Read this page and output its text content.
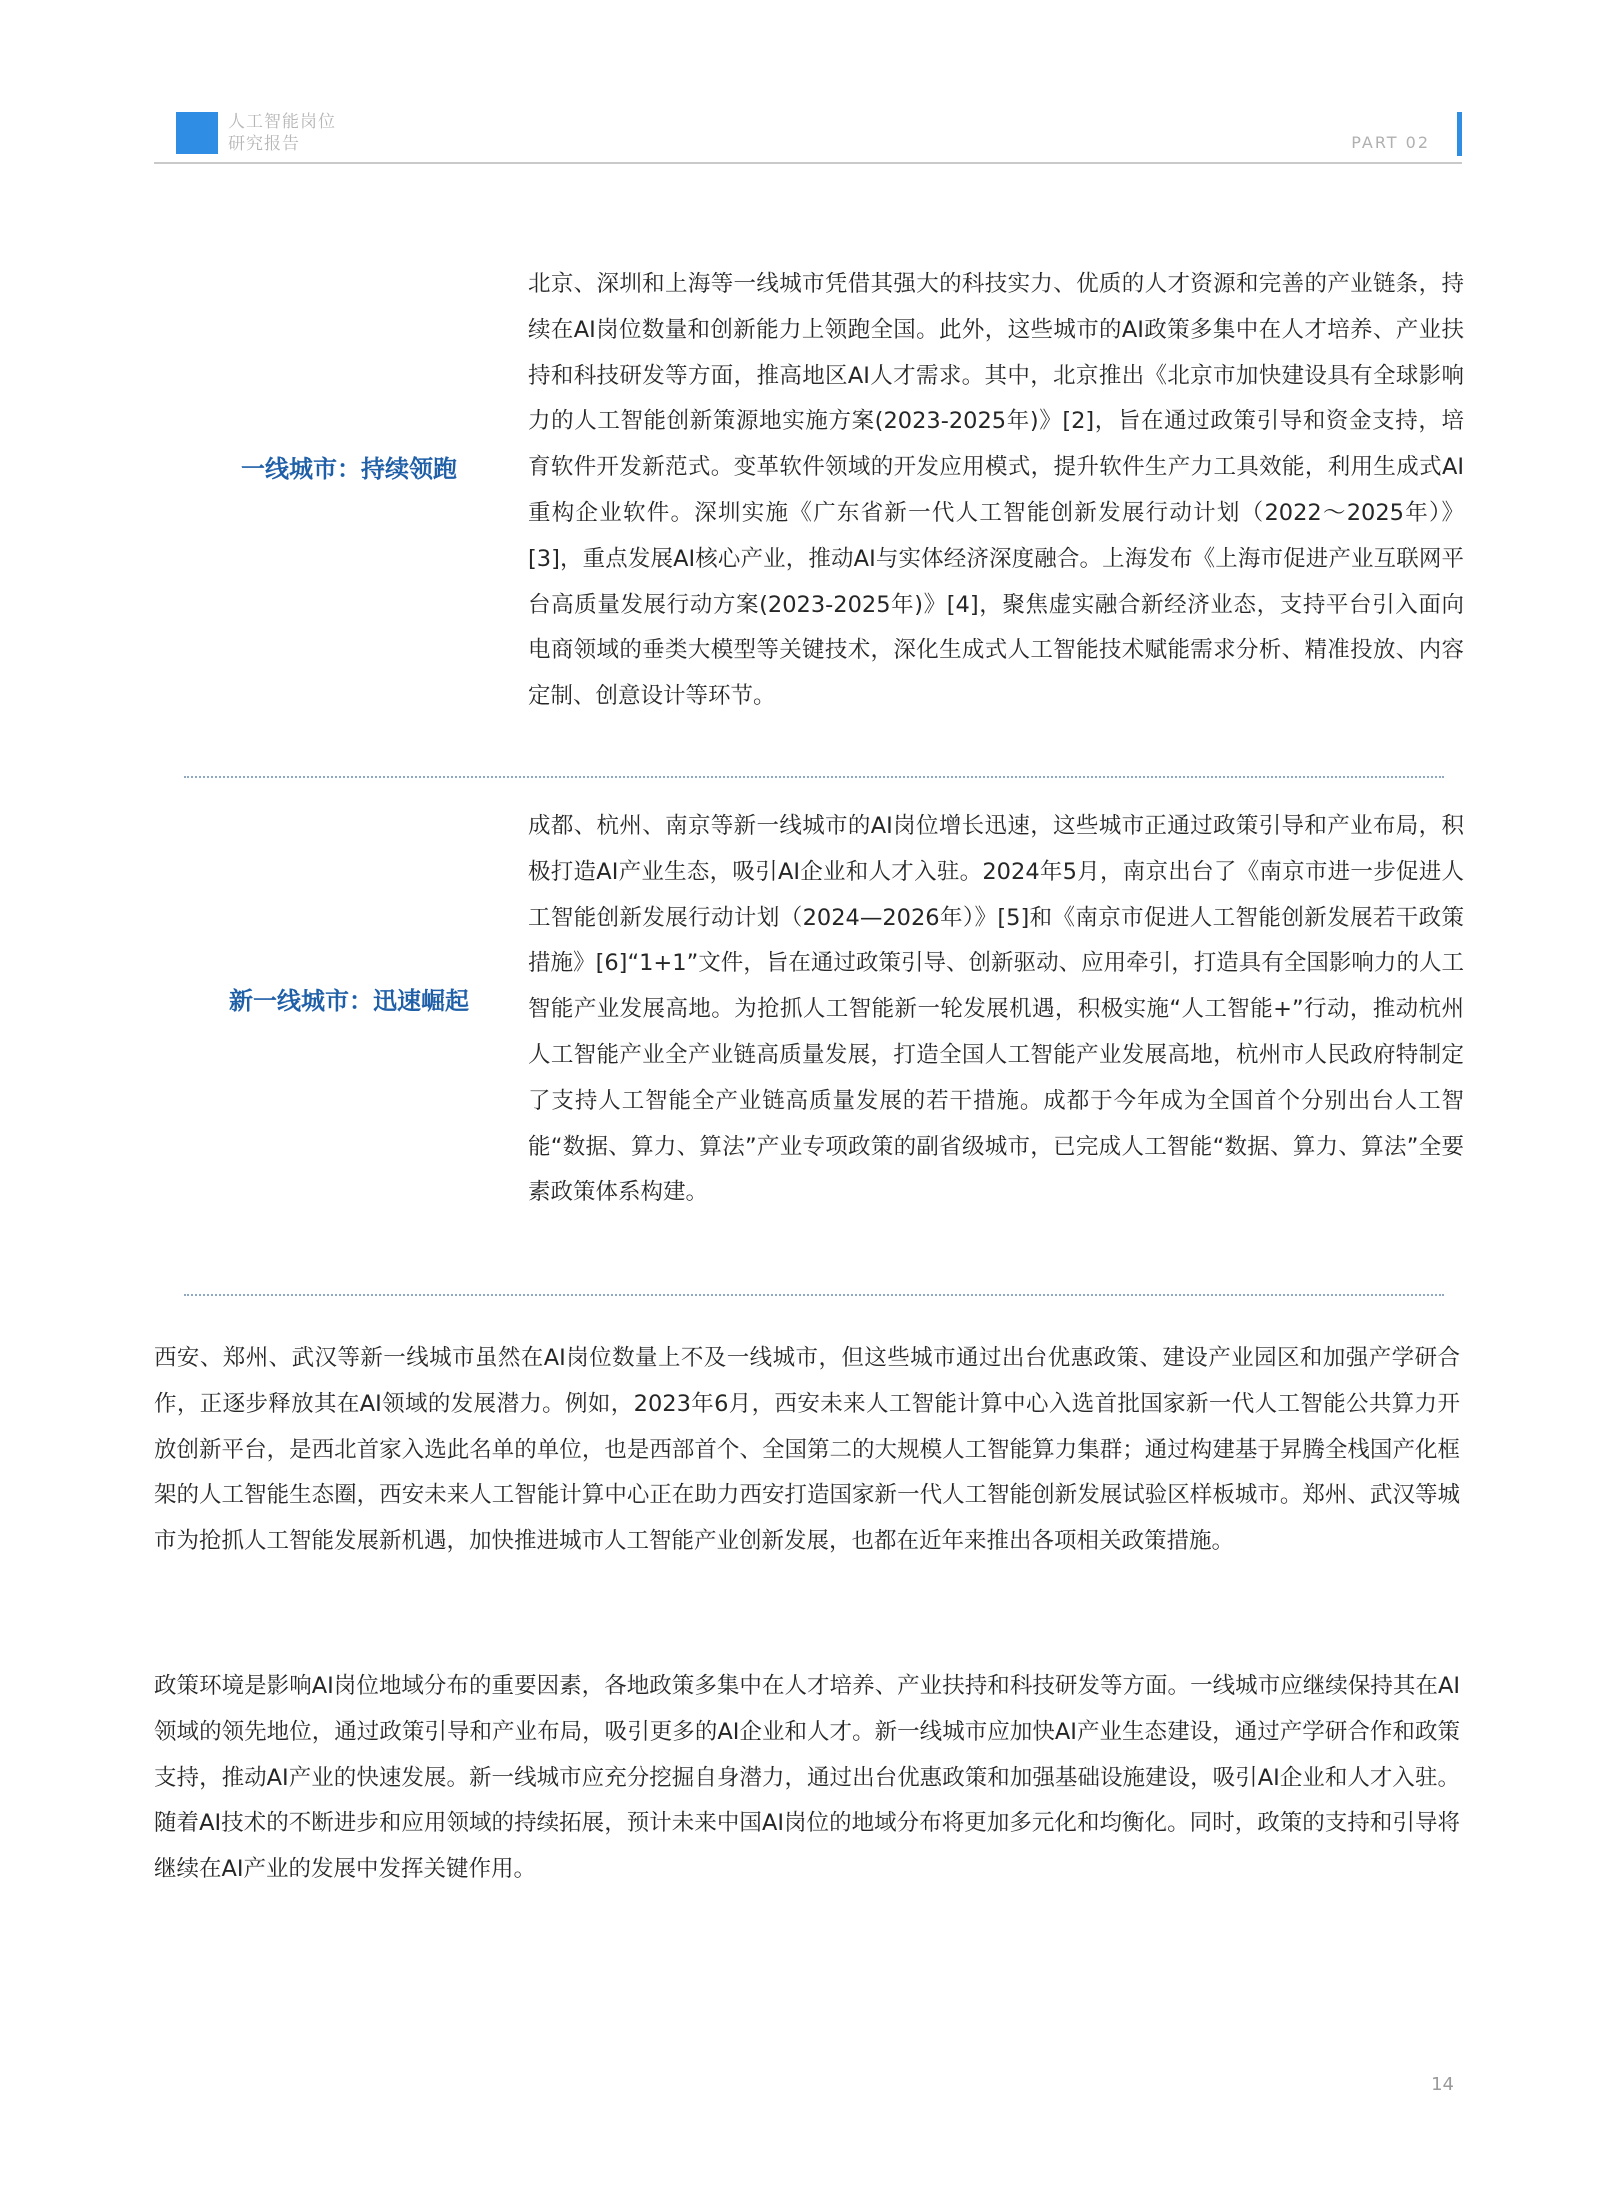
人工智能岗位
研究报告	PART 02
一线城市：持续领跑

北京、深圳和上海等一线城市凭借其强大的科技实力、优质的人才资源和完善的产业链条，持续在AI岗位数量和创新能力上领跑全国。此外，这些城市的AI政策多集中在人才培养、产业扶持和科技研发等方面，推高地区AI人才需求。其中，北京推出《北京市加快建设具有全球影响力的人工智能创新策源地实施方案(2023-2025年)》[2]，旨在通过政策引导和资金支持，培育软件开发新范式。变革软件领域的开发应用模式，提升软件生产力工具效能，利用生成式AI重构企业软件。深圳实施《广东省新一代人工智能创新发展行动计划（2022～2025年）》[3]，重点发展AI核心产业，推动AI与实体经济深度融合。上海发布《上海市促进产业互联网平台高质量发展行动方案(2023-2025年)》[4]，聚焦虚实融合新经济业态，支持平台引入面向电商领域的垂类大模型等关键技术，深化生成式人工智能技术赋能需求分析、精准投放、内容定制、创意设计等环节。

新一线城市：迅速崛起

成都、杭州、南京等新一线城市的AI岗位增长迅速，这些城市正通过政策引导和产业布局，积极打造AI产业生态，吸引AI企业和人才入驻。2024年5月，南京出台了《南京市进一步促进人工智能创新发展行动计划（2024—2026年）》[5]和《南京市促进人工智能创新发展若干政策措施》[6]“1+1”文件，旨在通过政策引导、创新驱动、应用牵引，打造具有全国影响力的人工智能产业发展高地。为抢抓人工智能新一轮发展机遇，积极实施“人工智能+”行动，推动杭州人工智能产业全产业链高质量发展，打造全国人工智能产业发展高地，杭州市人民政府特制定了支持人工智能全产业链高质量发展的若干措施。成都于今年成为全国首个分别出台人工智能“数据、算力、算法”产业专项政策的副省级城市，已完成人工智能“数据、算力、算法”全要素政策体系构建。

西安、郑州、武汉等新一线城市虽然在AI岗位数量上不及一线城市，但这些城市通过出台优惠政策、建设产业园区和加强产学研合作，正逐步释放其在AI领域的发展潜力。例如，2023年6月，西安未来人工智能计算中心入选首批国家新一代人工智能公共算力开放创新平台，是西北首家入选此名单的单位，也是西部首个、全国第二的大规模人工智能算力集群；通过构建基于昇腾全栈国产化框架的人工智能生态圈，西安未来人工智能计算中心正在助力西安打造国家新一代人工智能创新发展试验区样板城市。郑州、武汉等城市为抢抓人工智能发展新机遇，加快推进城市人工智能产业创新发展，也都在近年来推出各项相关政策措施。

政策环境是影响AI岗位地域分布的重要因素，各地政策多集中在人才培养、产业扶持和科技研发等方面。一线城市应继续保持其在AI领域的领先地位，通过政策引导和产业布局，吸引更多的AI企业和人才。新一线城市应加快AI产业生态建设，通过产学研合作和政策支持，推动AI产业的快速发展。新一线城市应充分挖掘自身潜力，通过出台优惠政策和加强基础设施建设，吸引AI企业和人才入驻。随着AI技术的不断进步和应用领域的持续拓展，预计未来中国AI岗位的地域分布将更加多元化和均衡化。同时，政策的支持和引导将继续在AI产业的发展中发挥关键作用。

14
